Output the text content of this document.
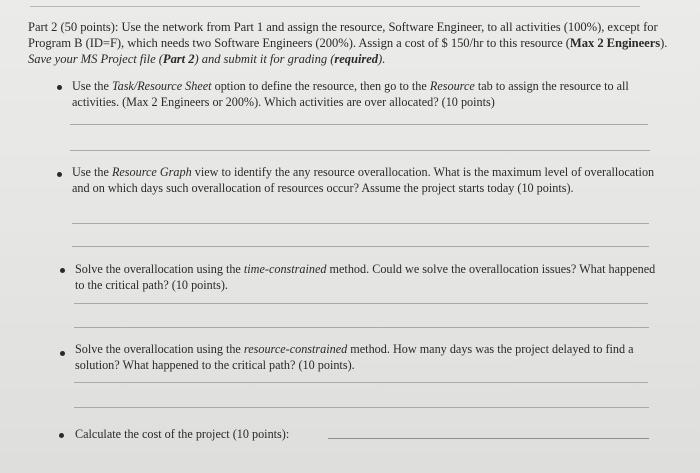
Part 2 (50 points): Use the network from Part 1 and assign the resource, Software Engineer, to all activities (100%), except for Program B (ID=F), which needs two Software Engineers (200%). Assign a cost of $ 150/hr to this resource (Max 2 Engineers). Save your MS Project file (Part 2) and submit it for grading (required).
Use the Task/Resource Sheet option to define the resource, then go to the Resource tab to assign the resource to all activities. (Max 2 Engineers or 200%). Which activities are over allocated? (10 points)
Use the Resource Graph view to identify the any resource overallocation. What is the maximum level of overallocation and on which days such overallocation of resources occur? Assume the project starts today (10 points).
Solve the overallocation using the time-constrained method. Could we solve the overallocation issues? What happened to the critical path? (10 points).
Solve the overallocation using the resource-constrained method. How many days was the project delayed to find a solution? What happened to the critical path? (10 points).
Calculate the cost of the project (10 points):
